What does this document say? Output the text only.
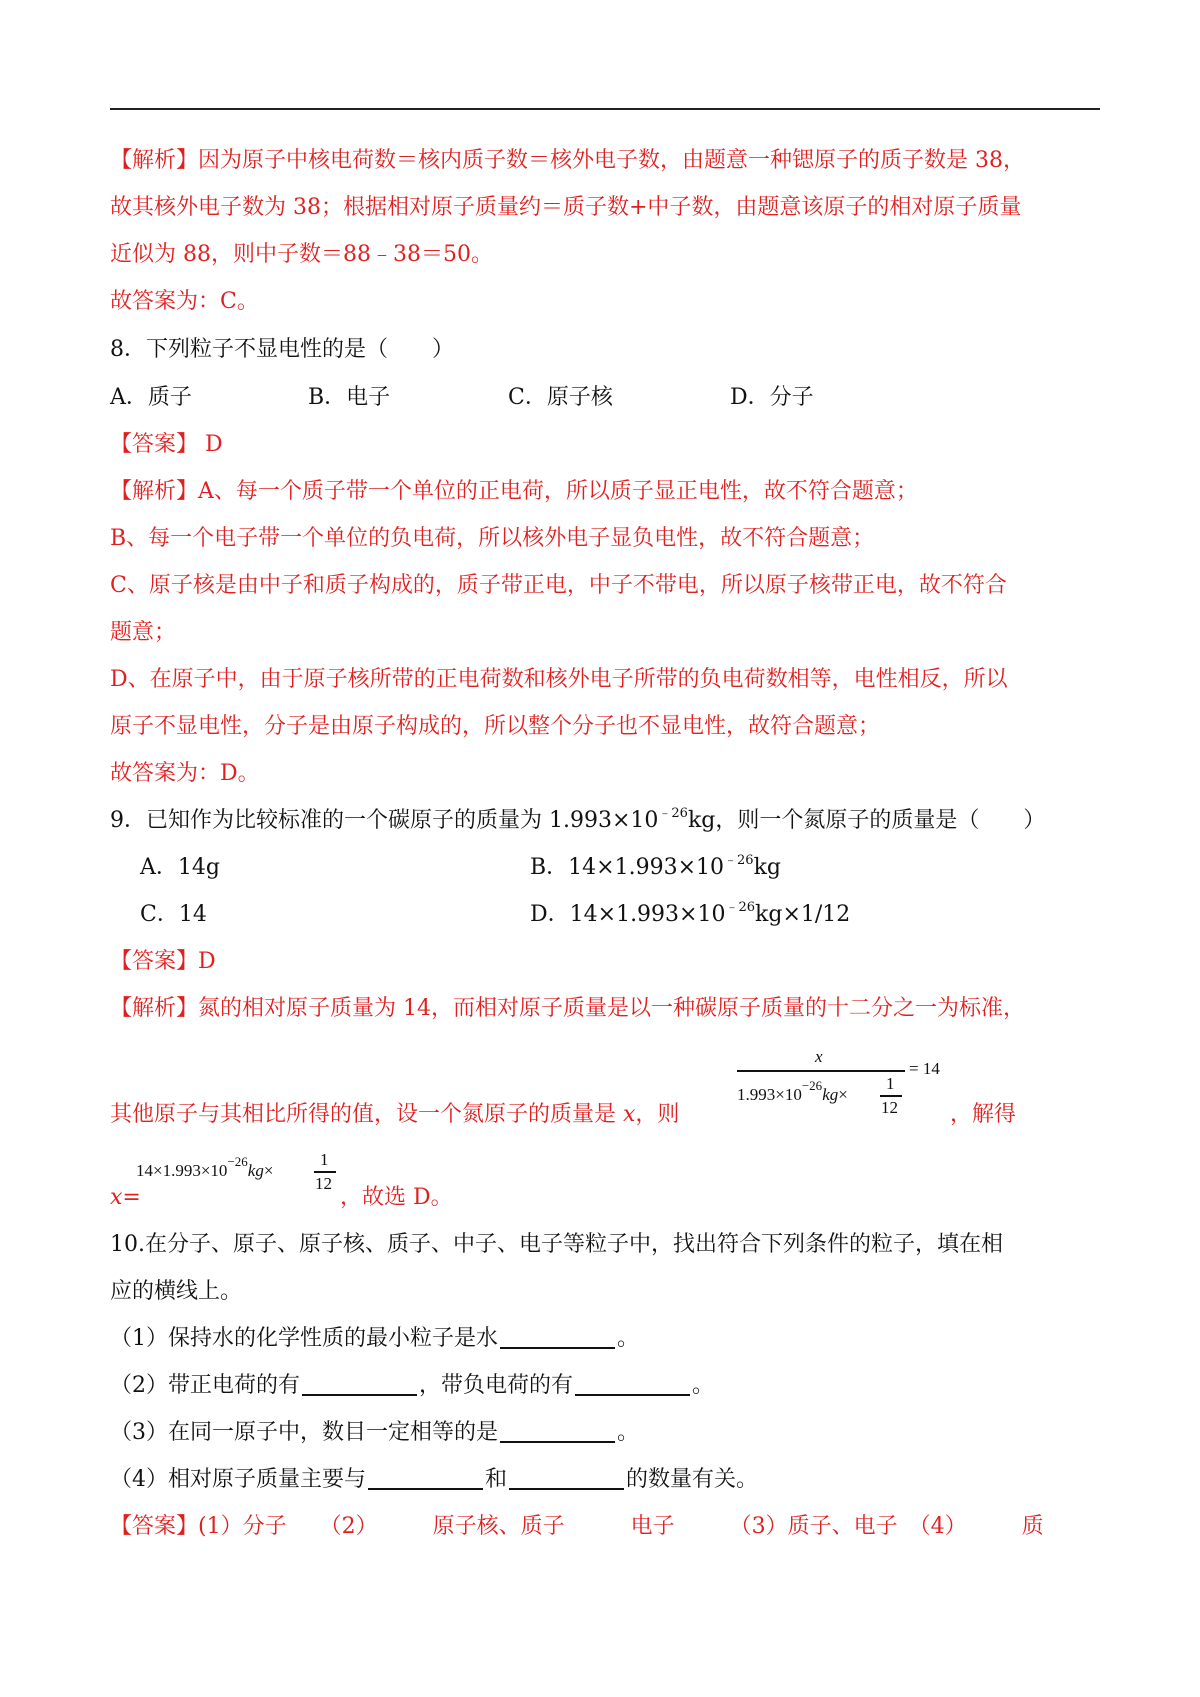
【解析】因为原子中核电荷数＝核内质子数＝核外电子数，由题意一种锶原子的质子数是 38，
故其核外电子数为 38；根据相对原子质量约＝质子数+中子数，由题意该原子的相对原子质量
近似为 88，则中子数＝88﹣38＝50。
故答案为：C。
8．下列粒子不显电性的是（　　）
A．质子	B．电子	C．原子核	D．分子
【答案】 D
【解析】A、每一个质子带一个单位的正电荷，所以质子显正电性，故不符合题意；
B、每一个电子带一个单位的负电荷，所以核外电子显负电性，故不符合题意；
C、原子核是由中子和质子构成的，质子带正电，中子不带电，所以原子核带正电，故不符合
题意；
D、在原子中，由于原子核所带的正电荷数和核外电子所带的负电荷数相等，电性相反，所以
原子不显电性，分子是由原子构成的，所以整个分子也不显电性，故符合题意；
故答案为：D。
9．已知作为比较标准的一个碳原子的质量为 $1.993\times 10^{﹣26}kg$，则一个氮原子的质量是（　　）
A．14g	B．$14\times 1.993\times 10^{﹣26}kg$
C．14	D．$14\times 1.993\times 10^{﹣26}kg\times 1/12$
【答案】D
【解析】氮的相对原子质量为 14，而相对原子质量是以一种碳原子质量的十二分之一为标准，
x
= 14
$1.993\times 10^{-26}kg\times$
1
12
其他原子与其相比所得的值，设一个氮原子的质量是 x，则	，解得
$14\times 1.993\times 10^{-26}kg\times$
1
12
x=	，故选 D。
10.在分子、原子、原子核、质子、中子、电子等粒子中，找出符合下列条件的粒子，填在相
应的横线上。
（1）保持水的化学性质的最小粒子是水	。
（2）带正电荷的有	，带负电荷的有	。
（3）在同一原子中，数目一定相等的是	。
（4）相对原子质量主要与	和	的数量有关。
【答案】(1）分子　　（2）　　　原子核、质子　　　电子　　　（3）质子、电子　（4）　　　质
